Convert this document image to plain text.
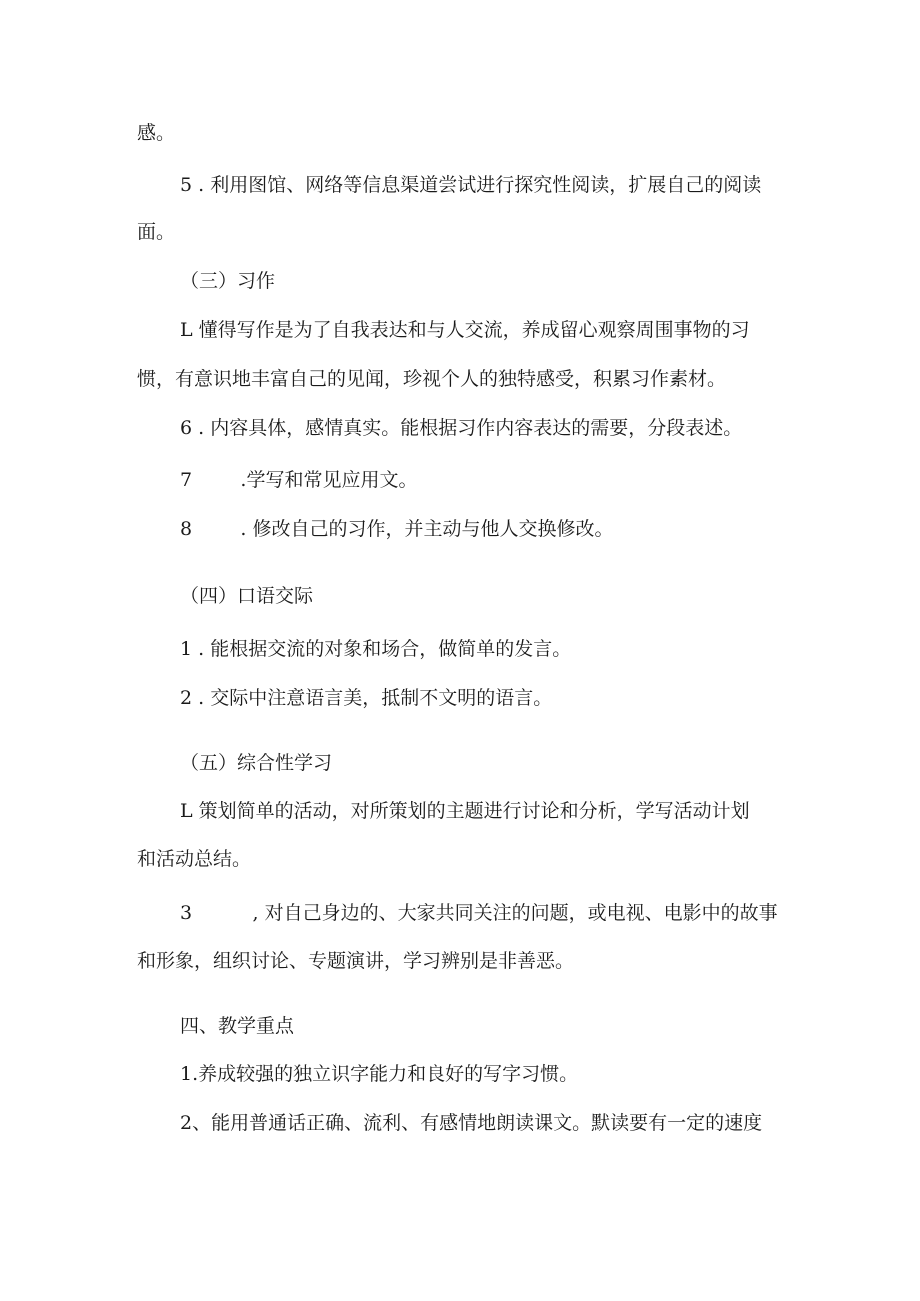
感。
5 . 利用图馆、网络等信息渠道尝试进行探究性阅读，扩展自己的阅读
面。
（三）习作
L 懂得写作是为了自我表达和与人交流，养成留心观察周围事物的习
惯，有意识地丰富自己的见闻，珍视个人的独特感受，积累习作素材。
6 . 内容具体，感情真实。能根据习作内容表达的需要，分段表述。
7        .学写和常见应用文。
8        . 修改自己的习作，并主动与他人交换修改。
（四）口语交际
1 . 能根据交流的对象和场合，做简单的发言。
2 . 交际中注意语言美，抵制不文明的语言。
（五）综合性学习
L 策划简单的活动，对所策划的主题进行讨论和分析，学写活动计划
和活动总结。
3          , 对自己身边的、大家共同关注的问题，或电视、电影中的故事
和形象，组织讨论、专题演讲，学习辨别是非善恶。
四、教学重点
1.养成较强的独立识字能力和良好的写字习惯。
2、能用普通话正确、流利、有感情地朗读课文。默读要有一定的速度
